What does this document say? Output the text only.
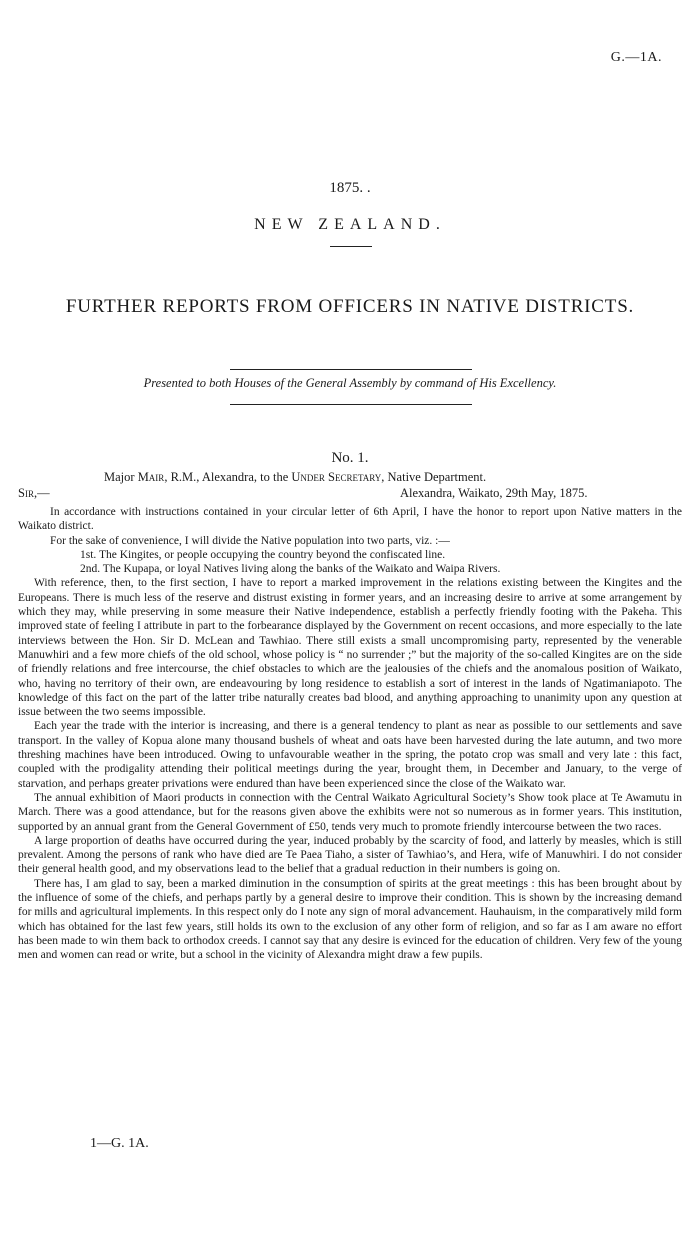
G.—1A.
1875. .
NEW ZEALAND.
FURTHER REPORTS FROM OFFICERS IN NATIVE DISTRICTS.
Presented to both Houses of the General Assembly by command of His Excellency.
No. 1.
Major Mair, R.M., Alexandra, to the Under Secretary, Native Department.
Sir,—	Alexandra, Waikato, 29th May, 1875.

In accordance with instructions contained in your circular letter of 6th April, I have the honor to report upon Native matters in the Waikato district.

For the sake of convenience, I will divide the Native population into two parts, viz. :—

1st. The Kingites, or people occupying the country beyond the confiscated line.

2nd. The Kupapa, or loyal Natives living along the banks of the Waikato and Waipa Rivers.

With reference, then, to the first section, I have to report a marked improvement in the relations existing between the Kingites and the Europeans. There is much less of the reserve and distrust existing in former years, and an increasing desire to arrive at some arrangement by which they may, while preserving in some measure their Native independence, establish a perfectly friendly footing with the Pakeha. This improved state of feeling I attribute in part to the forbearance displayed by the Government on recent occasions, and more especially to the late interviews between the Hon. Sir D. McLean and Tawhiao. There still exists a small uncompromising party, represented by the venerable Manuwhiri and a few more chiefs of the old school, whose policy is “ no surrender ;” but the majority of the so-called Kingites are on the side of friendly relations and free intercourse, the chief obstacles to which are the jealousies of the chiefs and the anomalous position of Waikato, who, having no territory of their own, are endeavouring by long residence to establish a sort of interest in the lands of Ngatimaniapoto. The knowledge of this fact on the part of the latter tribe naturally creates bad blood, and anything approaching to unanimity upon any question at issue between the two seems impossible.

Each year the trade with the interior is increasing, and there is a general tendency to plant as near as possible to our settlements and save transport. In the valley of Kopua alone many thousand bushels of wheat and oats have been harvested during the late autumn, and two more threshing machines have been introduced. Owing to unfavourable weather in the spring, the potato crop was small and very late : this fact, coupled with the prodigality attending their political meetings during the year, brought them, in December and January, to the verge of starvation, and perhaps greater privations were endured than have been experienced since the close of the Waikato war.

The annual exhibition of Maori products in connection with the Central Waikato Agricultural Society’s Show took place at Te Awamutu in March. There was a good attendance, but for the reasons given above the exhibits were not so numerous as in former years. This institution, supported by an annual grant from the General Government of £50, tends very much to promote friendly intercourse between the two races.

A large proportion of deaths have occurred during the year, induced probably by the scarcity of food, and latterly by measles, which is still prevalent. Among the persons of rank who have died are Te Paea Tiaho, a sister of Tawhiao’s, and Hera, wife of Manuwhiri. I do not consider their general health good, and my observations lead to the belief that a gradual reduction in their numbers is going on.

There has, I am glad to say, been a marked diminution in the consumption of spirits at the great meetings : this has been brought about by the influence of some of the chiefs, and perhaps partly by a general desire to improve their condition. This is shown by the increasing demand for mills and agricultural implements. In this respect only do I note any sign of moral advancement. Hauhauism, in the comparatively mild form which has obtained for the last few years, still holds its own to the exclusion of any other form of religion, and so far as I am aware no effort has been made to win them back to orthodox creeds. I cannot say that any desire is evinced for the education of children. Very few of the young men and women can read or write, but a school in the vicinity of Alexandra might draw a few pupils.

1—G. 1A.
